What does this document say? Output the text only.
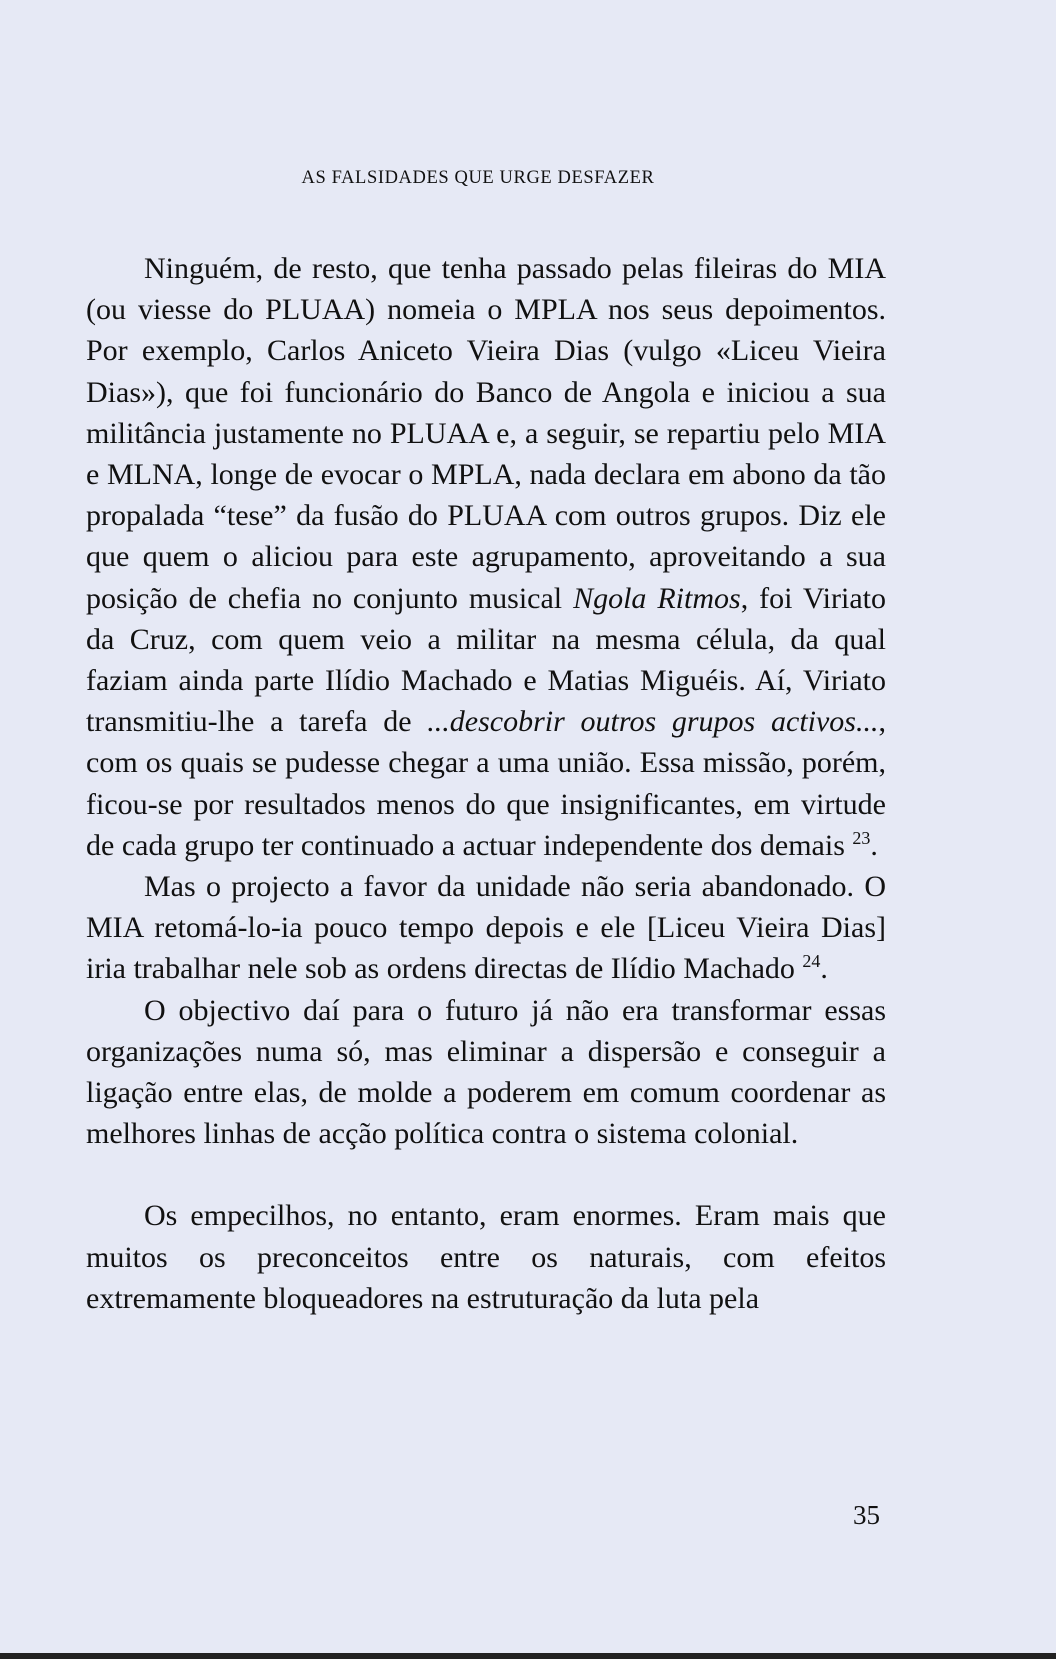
AS FALSIDADES QUE URGE DESFAZER

Ninguém, de resto, que tenha passado pelas fileiras do MIA (ou viesse do PLUAA) nomeia o MPLA nos seus depoimentos. Por exemplo, Carlos Aniceto Vieira Dias (vulgo «Liceu Vieira Dias»), que foi funcionário do Banco de Angola e iniciou a sua militância justamente no PLUAA e, a seguir, se repartiu pelo MIA e MLNA, longe de evocar o MPLA, nada declara em abono da tão propalada “tese” da fusão do PLUAA com outros grupos. Diz ele que quem o aliciou para este agrupamento, aproveitando a sua posição de chefia no conjunto musical Ngola Ritmos, foi Viriato da Cruz, com quem veio a militar na mesma célula, da qual faziam ainda parte Ilídio Machado e Matias Miguéis. Aí, Viriato transmitiu-lhe a tarefa de ...descobrir outros grupos activos..., com os quais se pudesse chegar a uma união. Essa missão, porém, ficou-se por resultados menos do que insignificantes, em virtude de cada grupo ter continuado a actuar independente dos demais $^{23}$.

Mas o projecto a favor da unidade não seria abandonado. O MIA retomá-lo-ia pouco tempo depois e ele [Liceu Vieira Dias] iria trabalhar nele sob as ordens directas de Ilídio Machado $^{24}$.

O objectivo daí para o futuro já não era transformar essas organizações numa só, mas eliminar a dispersão e conseguir a ligação entre elas, de molde a poderem em comum coordenar as melhores linhas de acção política contra o sistema colonial.

Os empecilhos, no entanto, eram enormes. Eram mais que muitos os preconceitos entre os naturais, com efeitos extremamente bloqueadores na estruturação da luta pela

35
